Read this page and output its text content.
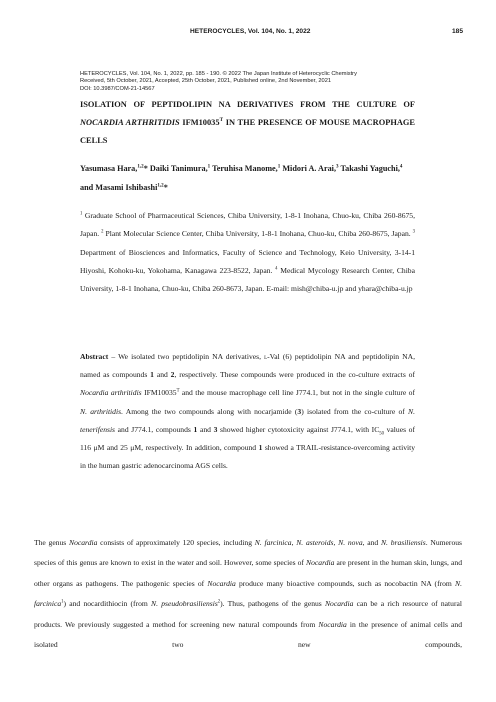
HETEROCYCLES, Vol. 104, No. 1, 2022	185
HETEROCYCLES, Vol. 104, No. 1, 2022, pp. 185 - 190. © 2022 The Japan Institute of Heterocyclic Chemistry
Received, 5th October, 2021, Accepted, 25th October, 2021, Published online, 2nd November, 2021
DOI: 10.3987/COM-21-14567
ISOLATION OF PEPTIDOLIPIN NA DERIVATIVES FROM THE CULTURE OF NOCARDIA ARTHRITIDIS $IFM10035^T$ IN THE PRESENCE OF MOUSE MACROPHAGE CELLS
Yasumasa Hara,$^{1,2}$* Daiki Tanimura,$^1$ Teruhisa Manome,$^1$ Midori A. Arai,$^3$ Takashi Yaguchi,$^4$ and Masami Ishibashi$^{1,2}$*
$^1$ Graduate School of Pharmaceutical Sciences, Chiba University, 1-8-1 Inohana, Chuo-ku, Chiba 260-8675, Japan. $^2$ Plant Molecular Science Center, Chiba University, 1-8-1 Inohana, Chuo-ku, Chiba 260-8675, Japan. $^3$ Department of Biosciences and Informatics, Faculty of Science and Technology, Keio University, 3-14-1 Hiyoshi, Kohoku-ku, Yokohama, Kanagawa 223-8522, Japan. $^4$ Medical Mycology Research Center, Chiba University, 1-8-1 Inohana, Chuo-ku, Chiba 260-8673, Japan. E-mail: mish@chiba-u.jp and yhara@chiba-u.jp
Abstract – We isolated two peptidolipin NA derivatives, l-Val (6) peptidolipin NA and peptidolipin NA, named as compounds 1 and 2, respectively. These compounds were produced in the co-culture extracts of Nocardia arthritidis $IFM10035^T$ and the mouse macrophage cell line J774.1, but not in the single culture of N. arthritidis. Among the two compounds along with nocarjamide (3) isolated from the co-culture of N. tenerifensis and J774.1, compounds 1 and 3 showed higher cytotoxicity against J774.1, with $IC_{50}$ values of 116 μM and 25 μM, respectively. In addition, compound 1 showed a TRAIL-resistance-overcoming activity in the human gastric adenocarcinoma AGS cells.
The genus Nocardia consists of approximately 120 species, including N. farcinica, N. asteroids, N. nova, and N. brasiliensis. Numerous species of this genus are known to exist in the water and soil. However, some species of Nocardia are present in the human skin, lungs, and other organs as pathogens. The pathogenic species of Nocardia produce many bioactive compounds, such as nocobactin NA (from N. farcinica$^1$) and nocardithiocin (from N. pseudobrasiliensis$^2$). Thus, pathogens of the genus Nocardia can be a rich resource of natural products. We previously suggested a method for screening new natural compounds from Nocardia in the presence of animal cells and isolated two new compounds,
